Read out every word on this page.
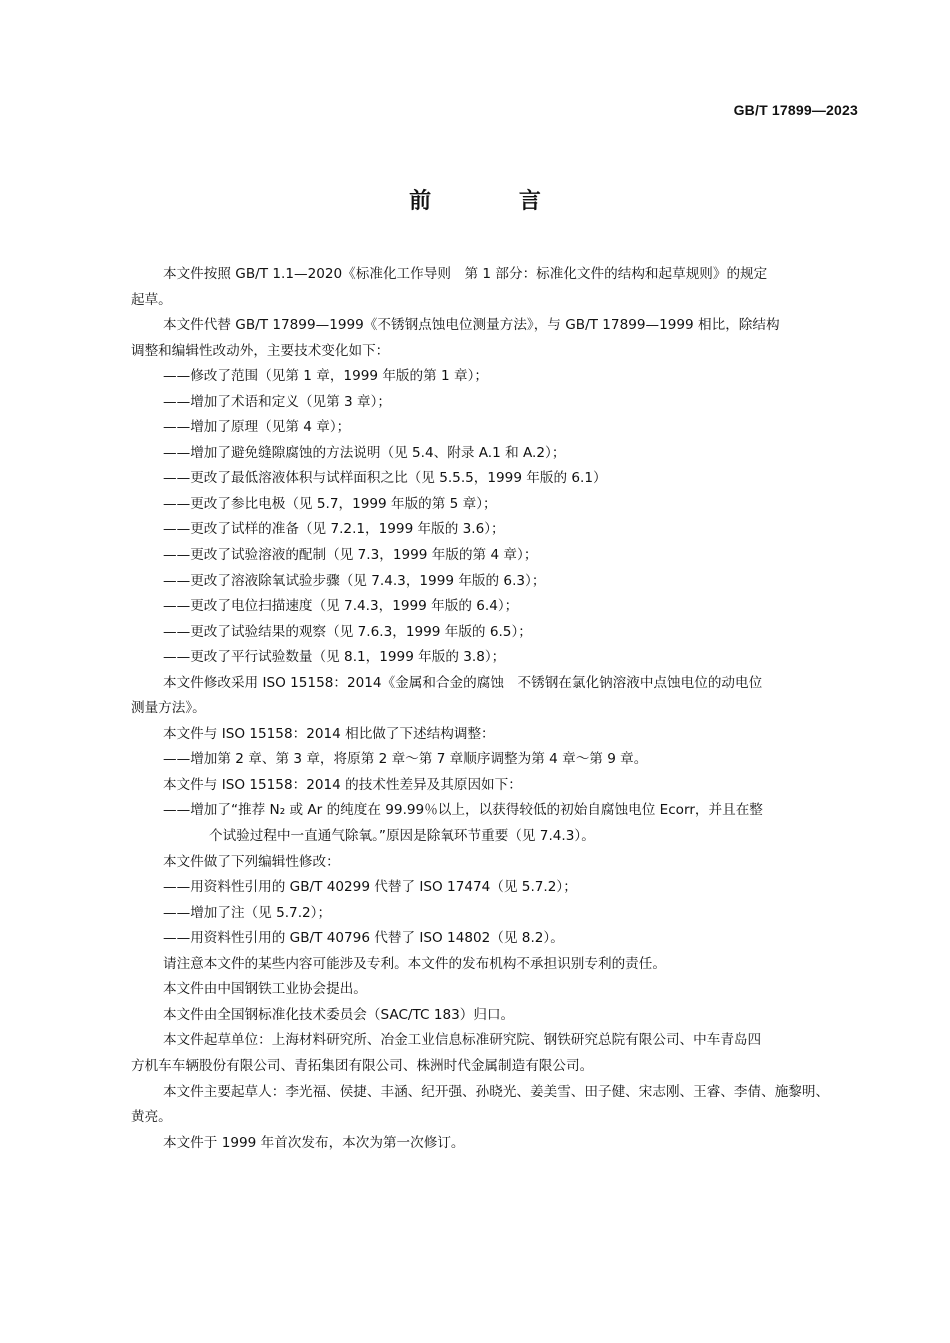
GB/T 17899—2023
前 言

本文件按照 GB/T 1.1—2020《标准化工作导则　第 1 部分：标准化文件的结构和起草规则》的规定

起草。

本文件代替 GB/T 17899—1999《不锈钢点蚀电位测量方法》，与 GB/T 17899—1999 相比，除结构

调整和编辑性改动外，主要技术变化如下：

——修改了范围（见第 1 章，1999 年版的第 1 章）；

——增加了术语和定义（见第 3 章）；

——增加了原理（见第 4 章）；

——增加了避免缝隙腐蚀的方法说明（见 5.4、附录 A.1 和 A.2）；

——更改了最低溶液体积与试样面积之比（见 5.5.5，1999 年版的 6.1）

——更改了参比电极（见 5.7，1999 年版的第 5 章）；

——更改了试样的准备（见 7.2.1，1999 年版的 3.6）；

——更改了试验溶液的配制（见 7.3，1999 年版的第 4 章）；

——更改了溶液除氧试验步骤（见 7.4.3，1999 年版的 6.3）；

——更改了电位扫描速度（见 7.4.3，1999 年版的 6.4）；

——更改了试验结果的观察（见 7.6.3，1999 年版的 6.5）；

——更改了平行试验数量（见 8.1，1999 年版的 3.8）；

本文件修改采用 ISO 15158：2014《金属和合金的腐蚀　不锈钢在氯化钠溶液中点蚀电位的动电位

测量方法》。

本文件与 ISO 15158：2014 相比做了下述结构调整：

——增加第 2 章、第 3 章，将原第 2 章～第 7 章顺序调整为第 4 章～第 9 章。

本文件与 ISO 15158：2014 的技术性差异及其原因如下：

——增加了“推荐 N₂ 或 Ar 的纯度在 99.99％以上，以获得较低的初始自腐蚀电位 Ecorr，并且在整

个试验过程中一直通气除氧。”原因是除氧环节重要（见 7.4.3）。

本文件做了下列编辑性修改：

——用资料性引用的 GB/T 40299 代替了 ISO 17474（见 5.7.2）；

——增加了注（见 5.7.2）；

——用资料性引用的 GB/T 40796 代替了 ISO 14802（见 8.2）。

请注意本文件的某些内容可能涉及专利。本文件的发布机构不承担识别专利的责任。

本文件由中国钢铁工业协会提出。

本文件由全国钢标准化技术委员会（SAC/TC 183）归口。

本文件起草单位：上海材料研究所、冶金工业信息标准研究院、钢铁研究总院有限公司、中车青岛四

方机车车辆股份有限公司、青拓集团有限公司、株洲时代金属制造有限公司。

本文件主要起草人：李光福、侯捷、丰涵、纪开强、孙晓光、姜美雪、田子健、宋志刚、王睿、李倩、施黎明、

黄亮。

本文件于 1999 年首次发布，本次为第一次修订。
